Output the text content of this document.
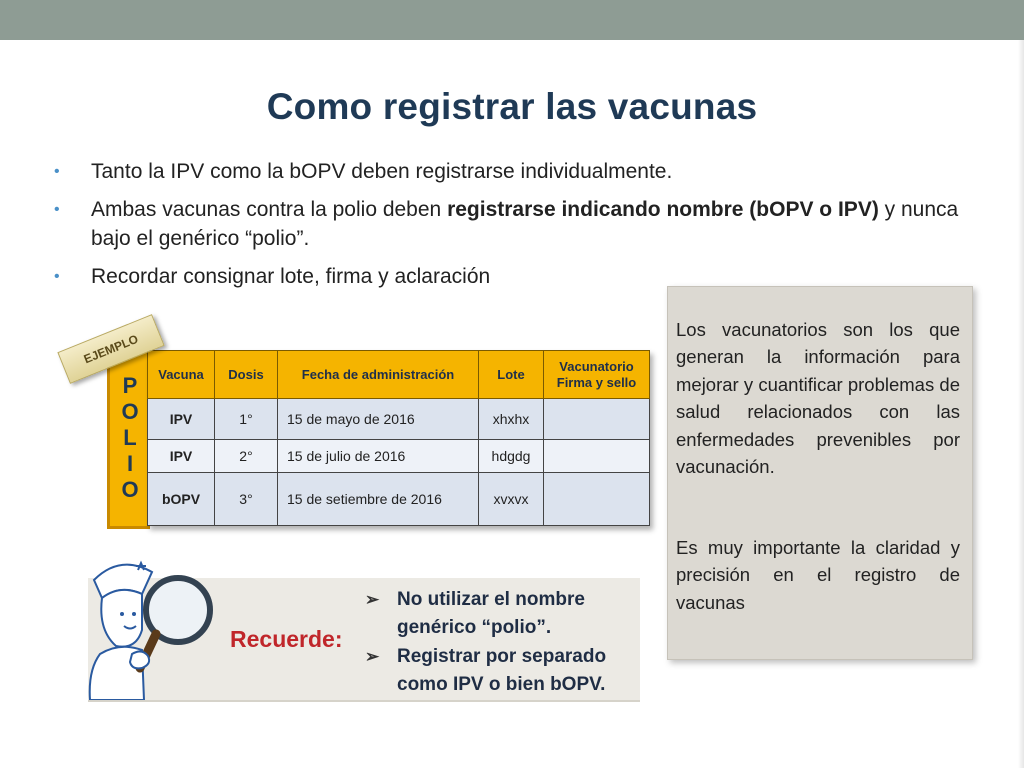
Como registrar las vacunas
• Tanto la IPV como la bOPV deben registrarse individualmente.
• Ambas vacunas contra la polio deben registrarse indicando nombre (bOPV o IPV) y nunca bajo el genérico “polio”.
• Recordar consignar lote, firma y aclaración
EJEMPLO
P
O
L
I
O
Vacuna	Dosis	Fecha de administración	Lote	Vacunatorio
Firma y sello

IPV	1°	15 de mayo de 2016	xhxhx	
IPV	2°	15 de julio de 2016	hdgdg	
bOPV	3°	15 de setiembre de 2016	xvxvx	
Recuerde:
➢ No utilizar el nombre genérico “polio”.
➢ Registrar por separado como IPV o bien bOPV.

Los vacunatorios son los que generan la información para mejorar y cuantificar problemas de salud relacionados con las enfermedades prevenibles por vacunación.

Es muy importante la claridad y precisión en el registro de vacunas
